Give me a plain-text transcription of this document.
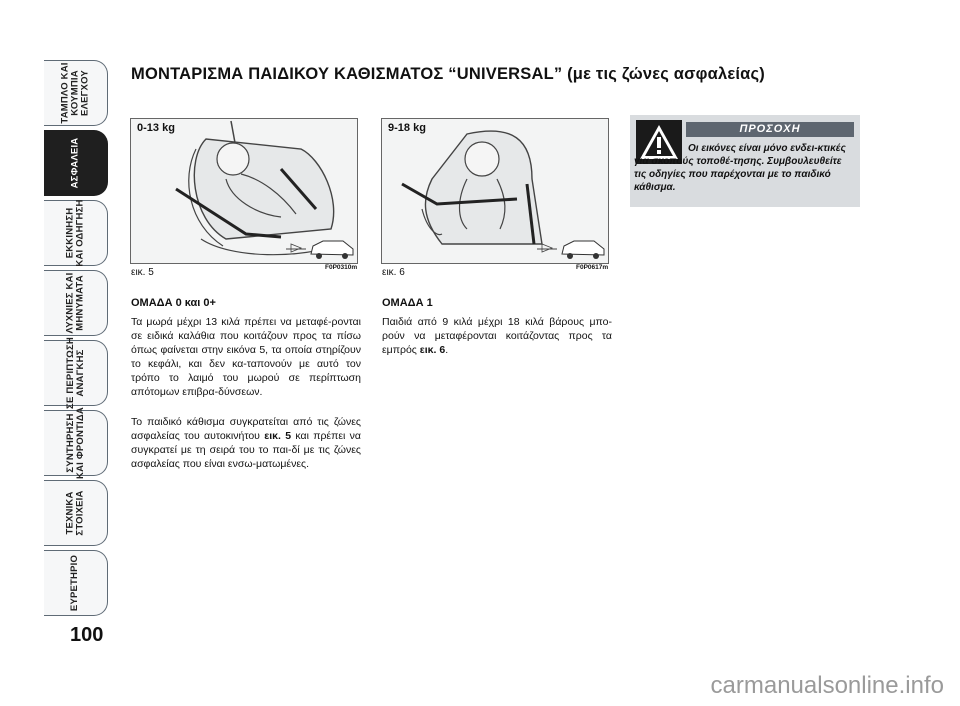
ΤΑΜΠΛΟ ΚΑΙ
ΚΟΥΜΠΙΑ
ΕΛΕΓΧΟΥ
ΑΣΦΑΛΕΙΑ
ΕΚΚΙΝΗΣΗ
ΚΑΙ ΟΔΗΓΗΣΗ
ΛΥΧΝΙΕΣ ΚΑΙ
ΜΗΝΥΜΑΤΑ
ΣΕ ΠΕΡΙΠΤΩΣΗ
ΑΝΑΓΚΗΣ
ΣΥΝΤΗΡΗΣΗ
ΚΑΙ ΦΡΟΝΤΙΔΑ
ΤΕΧΝΙΚΑ
ΣΤΟΙΧΕΙΑ
ΕΥΡΕΤΗΡΙΟ
100
ΜΟΝΤΑΡΙΣΜΑ ΠΑΙΔΙΚΟΥ ΚΑΘΙΣΜΑΤΟΣ “UNIVERSAL” (με τις ζώνες ασφαλείας)
0-13 kg
εικ. 5	F0P0310m
9-18 kg
εικ. 6	F0P0617m
ΟΜΑΔΑ 0 και 0+

Τα μωρά μέχρι 13 κιλά πρέπει να μεταφέ-ρονται σε ειδικά καλάθια που κοιτάζουν προς τα πίσω όπως φαίνεται στην εικόνα 5, τα οποία στηρίζουν το κεφάλι, και δεν κα-ταπονούν με αυτό τον τρόπο το λαιμό του μωρού σε περίπτωση απότομων επιβρα-δύνσεων.

Το παιδικό κάθισμα συγκρατείται από τις ζώνες ασφαλείας του αυτοκινήτου εικ. 5 και πρέπει να συγκρατεί με τη σειρά του το παι-δί με τις ζώνες ασφαλείας που είναι ενσω-ματωμένες.

ΟΜΑΔΑ 1

Παιδιά από 9 κιλά μέχρι 18 κιλά βάρους μπο-ρούν να μεταφέρονται κοιτάζοντας προς τα εμπρός εικ. 6.

ΠΡΟΣΟΧΗ
Οι εικόνες είναι μόνο ενδει-κτικές για σκοπούς τοποθέ-τησης. Συμβουλευθείτε τις οδηγίες που παρέχονται με το παιδικό κάθισμα.
carmanualsonline.info
